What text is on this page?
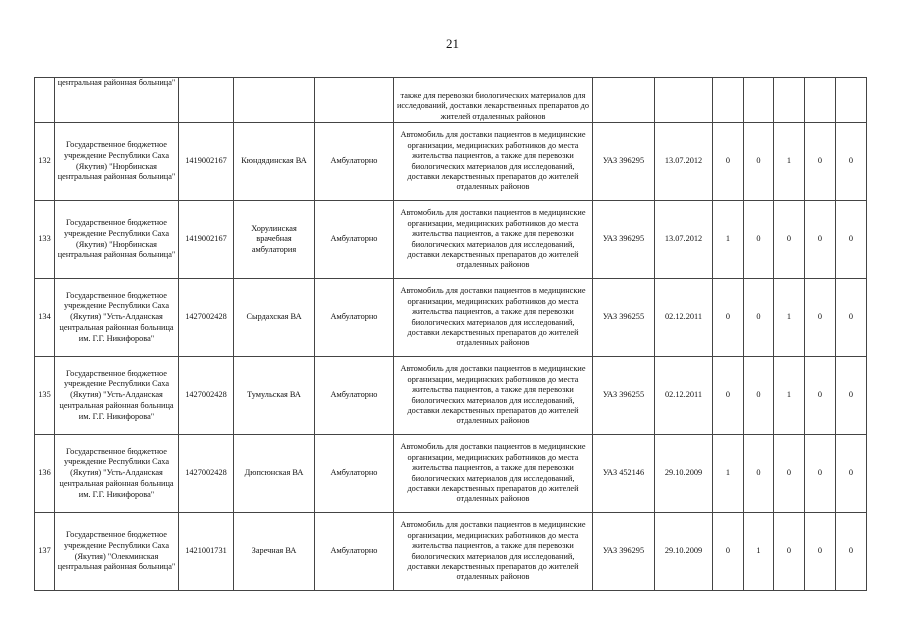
21
	центральная районная больница"				также для перевозки биологических материалов для исследований, доставки лекарственных препаратов до жителей отдаленных районов							
132	Государственное бюджетное учреждение Республики Саха (Якутия) "Нюрбинская центральная районная больница"	1419002167	Кюндядинская ВА	Амбулаторно	Автомобиль для доставки пациентов в медицинские организации, медицинских работников до места жительства пациентов, а также для перевозки биологических материалов для исследований, доставки лекарственных препаратов до жителей отдаленных районов	УАЗ 396295	13.07.2012	0	0	1	0	0
133	Государственное бюджетное учреждение Республики Саха (Якутия) "Нюрбинская центральная районная больница"	1419002167	Хорулинская врачебная амбулатория	Амбулаторно	Автомобиль для доставки пациентов в медицинские организации, медицинских работников до места жительства пациентов, а также для перевозки биологических материалов для исследований, доставки лекарственных препаратов до жителей отдаленных районов	УАЗ 396295	13.07.2012	1	0	0	0	0
134	Государственное бюджетное учреждение Республики Саха (Якутия) "Усть-Алданская центральная районная больница им. Г.Г. Никифорова"	1427002428	Сырдахская ВА	Амбулаторно	Автомобиль для доставки пациентов в медицинские организации, медицинских работников до места жительства пациентов, а также для перевозки биологических материалов для исследований, доставки лекарственных препаратов до жителей отдаленных районов	УАЗ 396255	02.12.2011	0	0	1	0	0
135	Государственное бюджетное учреждение Республики Саха (Якутия) "Усть-Алданская центральная районная больница им. Г.Г. Никифорова"	1427002428	Тумульская ВА	Амбулаторно	Автомобиль для доставки пациентов в медицинские организации, медицинских работников до места жительства пациентов, а также для перевозки биологических материалов для исследований, доставки лекарственных препаратов до жителей отдаленных районов	УАЗ 396255	02.12.2011	0	0	1	0	0
136	Государственное бюджетное учреждение Республики Саха (Якутия) "Усть-Алданская центральная районная больница им. Г.Г. Никифорова"	1427002428	Дюпсюнская ВА	Амбулаторно	Автомобиль для доставки пациентов в медицинские организации, медицинских работников до места жительства пациентов, а также для перевозки биологических материалов для исследований, доставки лекарственных препаратов до жителей отдаленных районов	УАЗ 452146	29.10.2009	1	0	0	0	0
137	Государственное бюджетное учреждение Республики Саха (Якутия) "Олекминская центральная районная больница"	1421001731	Заречная ВА	Амбулаторно	Автомобиль для доставки пациентов в медицинские организации, медицинских работников до места жительства пациентов, а также для перевозки биологических материалов для исследований, доставки лекарственных препаратов до жителей отдаленных районов	УАЗ 396295	29.10.2009	0	1	0	0	0
